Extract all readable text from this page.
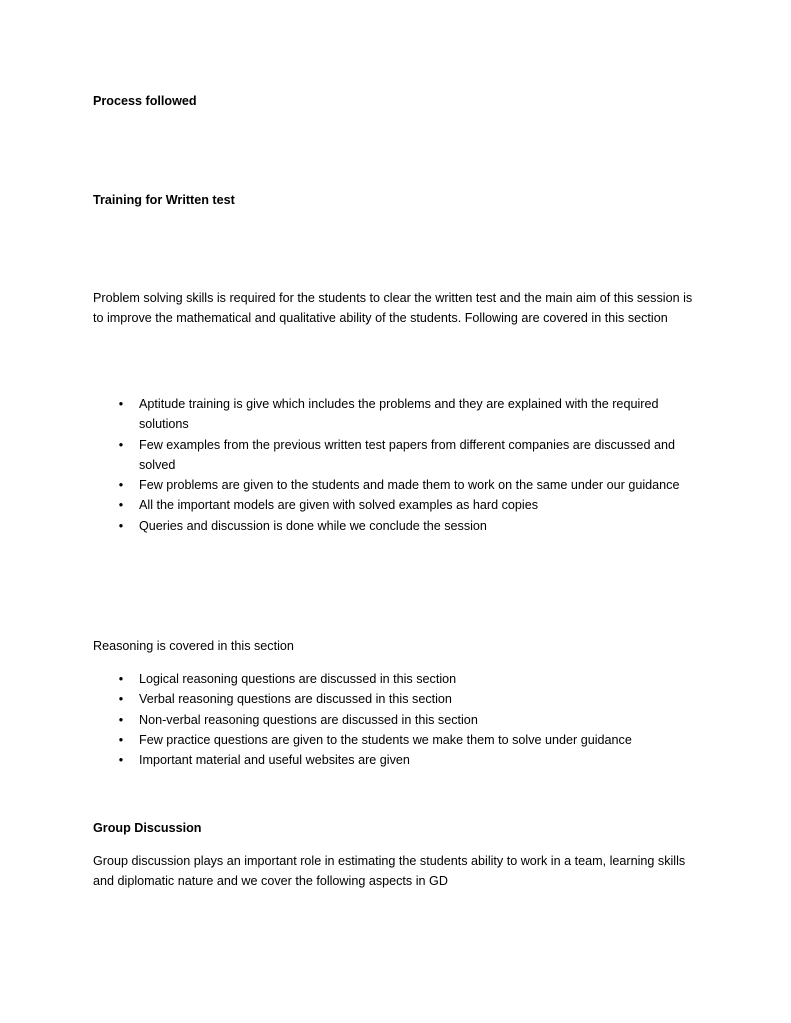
Process followed

Training for Written test

Problem solving skills is required for the students to clear the written test and the main aim of this session is to improve the mathematical and qualitative ability of the students. Following are covered in this section

• Aptitude training is give which includes the problems and they are explained with the required solutions
• Few examples from the previous written test papers from different companies are discussed and solved
• Few problems are given to the students and made them to work on the same under our guidance
• All the important models are given with solved examples as hard copies
• Queries and discussion is done while we conclude the session

Reasoning is covered in this section

• Logical reasoning questions are discussed in this section
• Verbal reasoning questions are discussed in this section
• Non-verbal reasoning questions are discussed in this section
• Few practice questions are given to the students we make them to solve under guidance
• Important material and useful websites are given

Group Discussion

Group discussion plays an important role in estimating the students ability to work in a team, learning skills and diplomatic nature and we cover the following aspects in GD
